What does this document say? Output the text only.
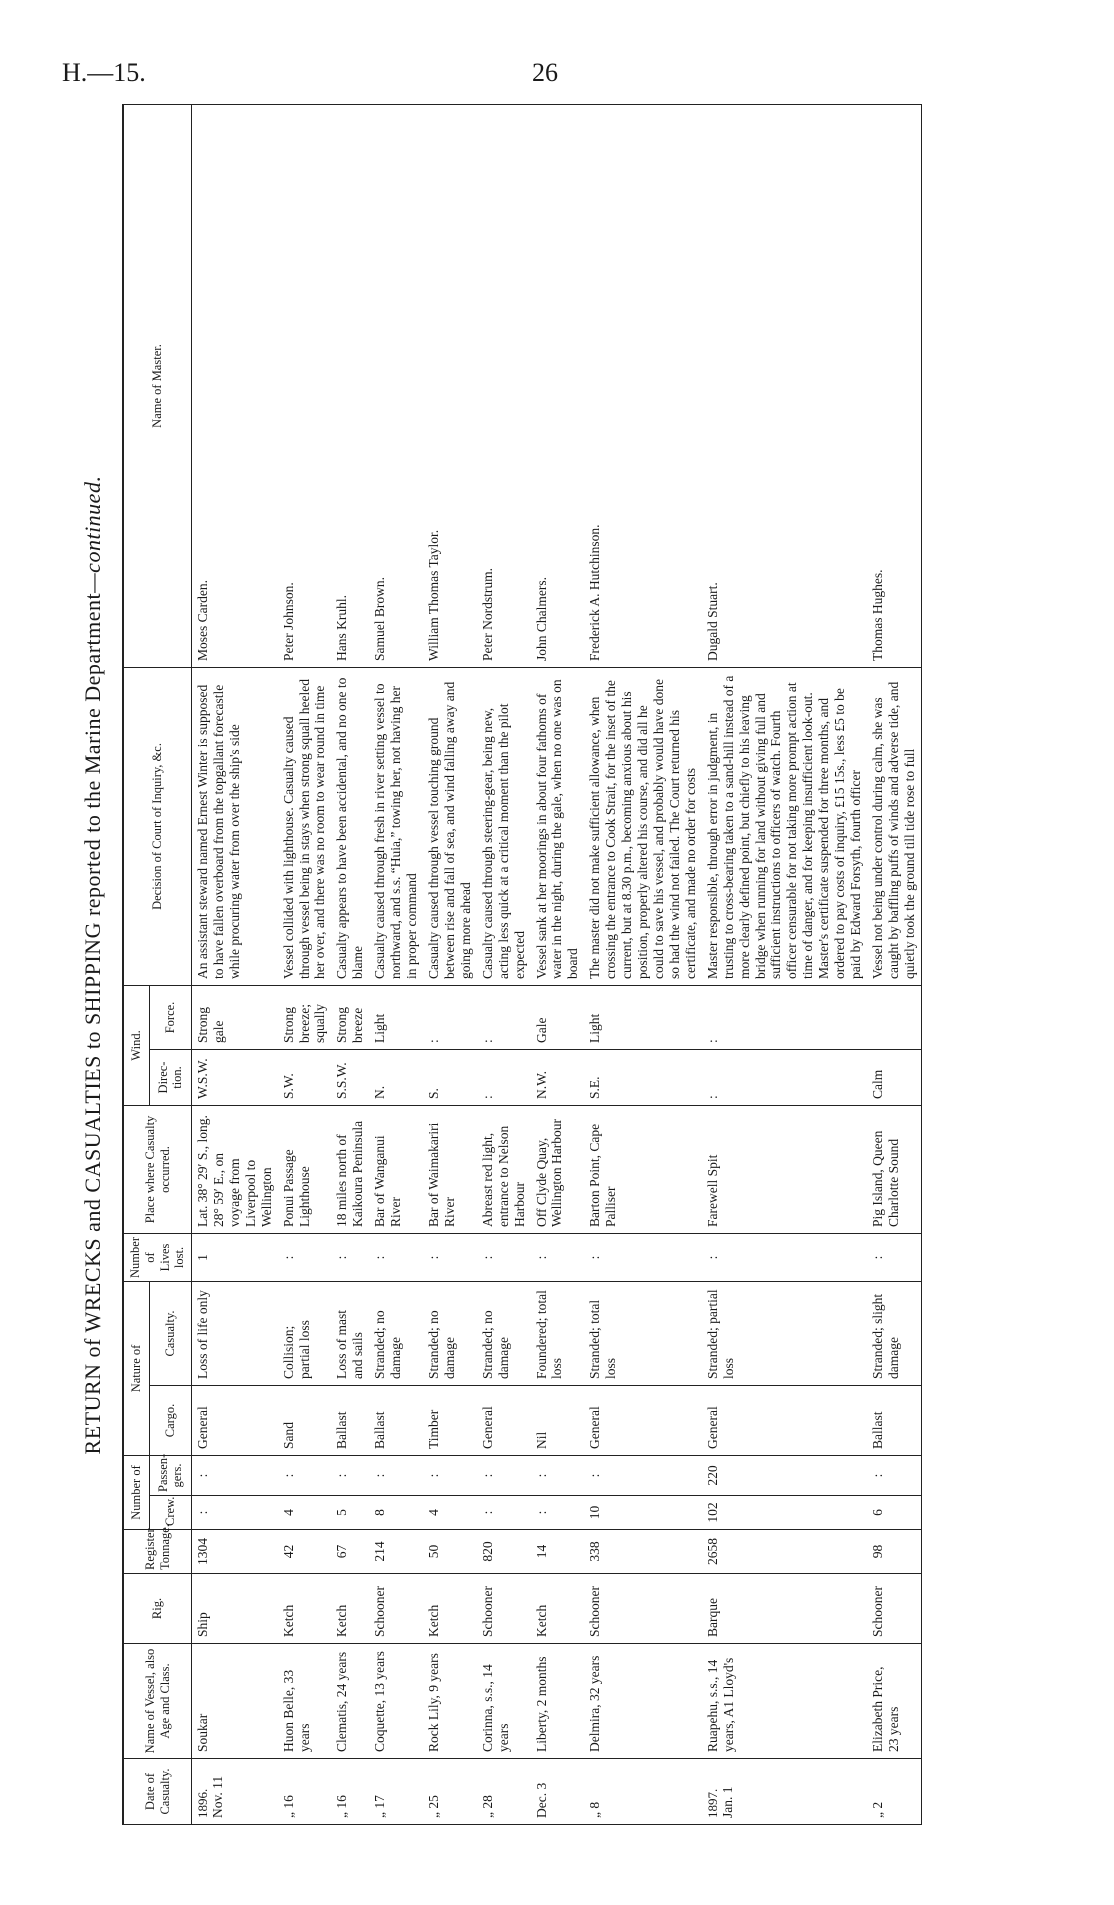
H.—15.	26
RETURN of WRECKS and CASUALTIES to SHIPPING reported to the Marine Department—continued.
Date of Casualty.	Name of Vessel, also Age and Class.	Rig.	Register Tonnage.	Number of		Nature of		Number of Lives lost.	Place where Casualty occurred.	Wind.		Decision of Court of Inquiry, &c.	Name of Master.
				Crew.	Passen-gers.	Cargo.	Casualty.			Direc-tion.	Force.		

1896. Nov. 11	Soukar	Ship	1304	:	:	General	Loss of life only	1	Lat. 38° 29′ S., long. 28° 59′ E., on voyage from Liverpool to Wellington	W.S.W.	Strong gale	An assistant steward named Ernest Winter is supposed to have fallen overboard from the topgallant forecastle while procuring water from over the ship's side	Moses Carden.
„ 16	Huon Belle, 33 years	Ketch	42	4	:	Sand	Collision; partial loss	:	Ponui Passage Lighthouse	S.W.	Strong breeze; squally	Vessel collided with lighthouse. Casualty caused through vessel being in stays when strong squall heeled her over, and there was no room to wear round in time	Peter Johnson.
„ 16	Clematis, 24 years	Ketch	67	5	:	Ballast	Loss of mast and sails	:	18 miles north of Kaikoura Peninsula	S.S.W.	Strong breeze	Casualty appears to have been accidental, and no one to blame	Hans Kruhl.
„ 17	Coquette, 13 years	Schooner	214	8	:	Ballast	Stranded; no damage	:	Bar of Wanganui River	N.	Light	Casualty caused through fresh in river setting vessel to northward, and s.s. “Huia,” towing her, not having her in proper command	Samuel Brown.
„ 25	Rock Lily, 9 years	Ketch	50	4	:	Timber	Stranded; no damage	:	Bar of Waimakariri River	S.	:	Casualty caused through vessel touching ground between rise and fall of sea, and wind falling away and going more ahead	William Thomas Taylor.
„ 28	Corinna, s.s., 14 years	Schooner	820	:	:	General	Stranded; no damage	:	Abreast red light, entrance to Nelson Harbour	:	:	Casualty caused through steering-gear, being new, acting less quick at a critical moment than the pilot expected	Peter Nordstrum.
Dec. 3	Liberty, 2 months	Ketch	14	:	:	Nil	Foundered; total loss	:	Off Clyde Quay, Wellington Harbour	N.W.	Gale	Vessel sank at her moorings in about four fathoms of water in the night, during the gale, when no one was on board	John Chalmers.
„ 8	Delmira, 32 years	Schooner	338	10	:	General	Stranded; total loss	:	Barton Point, Cape Palliser	S.E.	Light	The master did not make sufficient allowance, when crossing the entrance to Cook Strait, for the inset of the current, but at 8.30 p.m., becoming anxious about his position, properly altered his course, and did all he could to save his vessel, and probably would have done so had the wind not failed. The Court returned his certificate, and made no order for costs	Frederick A. Hutchinson.

1897. Jan. 1	Ruapehu, s.s., 14 years, A1 Lloyd's	Barque	2658	102	220	General	Stranded; partial loss	:	Farewell Spit	:	:	Master responsible, through error in judgment, in trusting to cross-bearing taken to a sand-hill instead of a more clearly defined point, but chiefly to his leaving bridge when running for land without giving full and sufficient instructions to officers of watch. Fourth officer censurable for not taking more prompt action at time of danger, and for keeping insufficient look-out. Master's certificate suspended for three months, and ordered to pay costs of inquiry, £15 15s., less £5 to be paid by Edward Forsyth, fourth officer	Dugald Stuart.
„ 2	Elizabeth Price, 23 years	Schooner	98	6	:	Ballast	Stranded; slight damage	:	Pig Island, Queen Charlotte Sound	Calm		Vessel not being under control during calm, she was caught by baffling puffs of winds and adverse tide, and quietly took the ground till tide rose to full	Thomas Hughes.
